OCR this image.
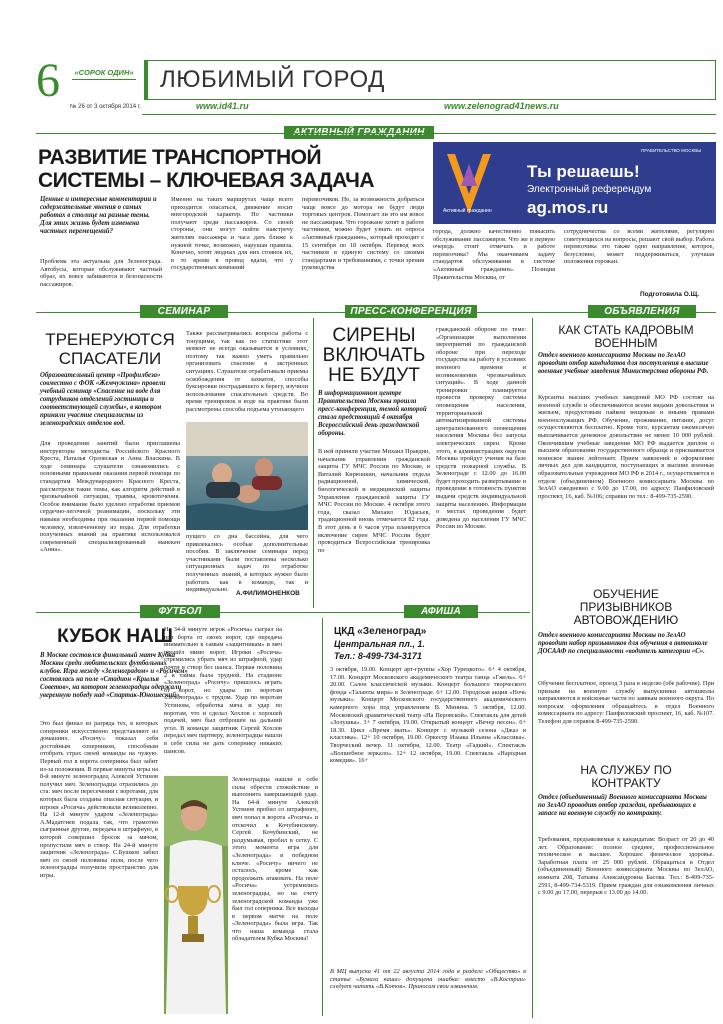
6	«СОРОК ОДИН»
№ 26 от 3 октября 2014 г.
ЛЮБИМЫЙ ГОРОД
www.id41.ru	www.zelenograd41news.ru
РАЗВИТИЕ ТРАНСПОРТНОЙ
СИСТЕМЫ – КЛЮЧЕВАЯ ЗАДАЧА
Ценные и интересные комментарии и содержательные мнения о самых работах в столице на разные темы. Для этих жизнь будет изменена частных перемещений?
Проблема эта актуальна для Зеленограда. Автобусы, которые обслуживают частный образ, их вовсе забиваются в безопасности пассажиров.
Именно на таких маршрутах чаще всего приходится опасаться, движение носит внегородской характер. Но частники получают среди пассажиров. Со своей стороны, они могут пойти навстречу жителям пассажира и часа дать ближе к нужной точке, возможно, нарушая правила. Конечно, хотят людных для них стоянок их, в то время в провод вдали, что у государственных компаний
перевозчиков. Но, за возможность добраться чаще вовсе до мотора не будут люди торговых центров. Помогает ли это им вовсе не пассажирам. Что горожане хотят в работе частников, можно будет узнать из опроса «Активный гражданин», который проходит с 15 сентября по 18 октября. Перевод всех частников в единую систему со своими стандартами и требованиями, с точки зрения руководства
города, должно качественно повысить обслуживание пассажиров. Что же в первую очередь стоит отмечать в работе перевозчика? Мы оканчиваем задачу стандартов обслуживания в системе «Активный гражданин». Позиция Правительства Москвы, от
сотрудничества со всеми жителями, регулярно советующихся на вопросы, решают свой выбор. Работа перевозчика это также одно направление, которое, безусловно, может поддерживаться, улучшая положения горожан.
Подготовила О.Щ.
Активный гражданин
ПРАВИТЕЛЬСТВО МОСКВЫ
Ты решаешь!
Электронный референдум
ag.mos.ru
СЕМИНАР
ТРЕНЕРУЮТСЯ
СПАСАТЕЛИ
Образовательный центр «Профилбеза» совместно с ФОК «Жемчужина» провели учебный семинар «Спасение на воде для сотрудников отделений гостиницы и соответствующей службы», в котором приняли участие специалисты из зеленоградских отделов вод.
Для проведения занятий были приглашены инструкторы методисты Российского Красного Креста, Наталья Орловская и Анна Власкина. В ходе семинара слушатели ознакомились с основными правилами оказания первой помощи по стандартам Международного Красного Креста, рассмотрели такие темы, как алгоритм действий в чрезвычайной ситуации, травмы, кровотечения. Особое внимание было уделено отработке приемов сердечно-легочной реанимации, поскольку эти навыки необходимы при оказании первой помощи человеку, извлеченному из воды. Для отработки полученных знаний на практике использовался современный специализированный манекен «Анна».
Также рассматривались вопросы работы с тонущими, так как по статистике этот момент не всегда оказывается в условиях, поэтому так важно уметь правильно организовать спасение в экстренных ситуациях. Слушатели отрабатывали приемы освобождения от захватов, способы буксировки пострадавшего к берегу, изучили использование спасательных средств. Во время тренировок в воде на практике были рассмотрены способы подъема утопающего
пущего со дна бассейна, для чего привлекались особые дополнительные пособия. В заключение семинара перед участниками были поставлены несколько ситуационных задач по отработке полученных знаний, в которых нужно было работать как в команде, так и индивидуально.
А.ФИЛИМОНЕНКОВ
ПРЕСС-КОНФЕРЕНЦИЯ
СИРЕНЫ
ВКЛЮЧАТЬ
НЕ БУДУТ
В информационном центре Правительства Москвы прошла пресс-конференция, темой которой стала предстоящий 4 октября Всероссийский день гражданской обороны.
В ней приняли участие Михаил Правдин, начальник управления гражданской защиты ГУ МЧС России по Москве, и Виталий Кирюшкин, начальник отдела радиационной, химической, биологической и медицинской защиты Управления гражданской защиты ГУ МЧС России по Москве. 4 октября этого года, сказал Михаил Юдасьев, традиционной вновь отмечается 82 года. В этот день в 6 часов утра планируется включение сирен МЧС России будет проводиться Всероссийская тренировка по
гражданской обороне по теме: «Организация выполнения мероприятий по гражданской обороне при переходе государства на работу в условиях военного времени и возникновении чрезвычайных ситуаций». В ходе данной тренировки планируется провести проверку системы оповещения населения, территориальной автоматизированной системы централизованного оповещения населения Москвы без запуска электрических сирен. Кроме этого, в администрациях округов Москвы пройдут учения на базе средств пожарной службы. В Зеленограде с 12.00 до 16.00 будет проходить развертывание и проведение в готовность пунктов выдачи средств индивидуальной защиты населению. Информация о местах проведения будет доведена до населения ГУ МЧС России по Москве.
ОБЪЯВЛЕНИЯ
КАК СТАТЬ КАДРОВЫМ ВОЕННЫМ
Отдел военного комиссариата Москвы по ЗелАО проводит отбор кандидатов для поступления в высшие военные учебные заведения Министерства обороны РФ.
Курсанты высших учебных заведений МО РФ состоят на военной службе и обеспечиваются всеми видами довольствия и жильем, продуктовым пайком вещевым и иными правами военнослужащих РФ. Обучение, проживание, питание, досуг осуществляются бесплатно. Кроме того, курсантам ежемесячно выплачивается денежное довольствие не менее 10 000 рублей. Окончившим учебные заведения МО РФ выдается диплом о высшем образовании государственного образца и присваивается воинское звание лейтенант. Прием заявлений и оформление личных дел для кандидатов, поступающих в высшие военные образовательные учреждения МО РФ в 2014 г., осуществляется в отделе (объединенном) Военного комиссариата Москвы по ЗелАО ежедневно с 9.00 до 17.00, по адресу: Панфиловский проспект, 16, каб. №106; справки по тел.: 8-499-735-2590.
ОБУЧЕНИЕ ПРИЗЫВНИКОВ АВТОВОЖДЕНИЮ
Отдел военного комиссариата Москвы по ЗелАО проводит набор призывников для обучения в автошколе ДОСААФ по специальности «водитель категории «С».
Обучение бесплатное, проезд 3 раза в неделю (обе рабочие). При призыве на военную службу выпускники автошколы направляются в войсковые части по заявкам военного округа. По вопросам оформления обращайтесь в отдел Военного комиссариата по адресу: Панфиловский проспект, 16, каб. №107. Телефон для справок 8-499-735-2590.
НА СЛУЖБУ ПО КОНТРАКТУ
Отдел (объединенный) Военного комиссариата Москвы по ЗелАО проводит отбор граждан, пребывающих в запасе на военную службу по контракту.
Требования, предъявляемые к кандидатам: Возраст от 20 до 40 лет. Образование: полное среднее, профессиональное техническое и высшее. Хорошее физическое здоровье. Заработная плата от 25 000 рублей. Обращаться в Отдел (объединенный) Военного комиссариата Москвы по ЗелАО, комната 208, Татьяна Александровна Басова. Тел.: 8-499-735-2591, 8-499-734-5319. Прием граждан для ознакомления личных с 9.00 до 17.00, перерыв с 13.00 до 14.00.
ФУТБОЛ
КУБОК НАШ
В Москве состоялся финальный матч Кубка Москвы среди любительских футбольных клубов. Игра между «Зеленоградом» и «Росичем» состоялась на поле «Стадион «Крылья Советов», на котором зеленоградцы одержали уверенную победу над «Спартак-Юношеский».
Это был финал из разряда тех, в которых соперники искусственно представляют из домашних. «Росичу» показал себя достойным соперником, способным отобрать страх своей команды на чужую. Первый гол в ворота соперника был забит из-за положения. В первые минуты игры на 8-й минуте зеленоградец Алексей Устинов получил мяч. Зеленоградцы отразились до ста: мяч после пересечения с воротами, для которых была созданы опасная ситуация, и игроки «Росича» действовали великолепно. На 12-й минуте ударом «Зеленограда» А.Мадатгиев подала так, что грамотно сыгранные другие, передача в штрафную, в которой совершил бросок за мячом, пропустили мяч в створ. На 24-й минуте защитник «Зеленограда» С.Бушков забил мяч со своей половины поля, после чего зеленоградцы получили пространство для игры.
На 34-й минуте игрок «Росича» сыграл на пол борта от своих ворот, где передача внимательно к самым «защитникам» и мяч прошёл мимо ворот. Игроки «Росича» стремились убрать мяч из штрафной, удар почти в створ без шанса. Первая половина 2 к тайма была трудной. На стадионе «Зеленоград» «Росичу» пришлось играть от ворот, но удары по воротам «Зеленограда» с трудом. Удар по воротам Устинова, обработка мяча и удар по воротам, что и сделал Хохлов с хорошей подачей, мяч был отброшен на дальний угол. В команде защитник Сергей Хохлов передал мяч партнеру, зеленоградцы нашли в себе силы не дать сопернику никаких шансов.
Зеленоградцы нашли в себе силы обрести спокойствие и выполнить завершающий удар. На 64-й минуте Алексей Устинов пробил со штрафного, мяч попал в ворота «Росича» и отскочил к Кочубинскому. Сергей Кочубинский, не раздумывая, пробил в сетку. С этого момента игра для «Зеленограда» в победном ключе. «Росичу» ничего не осталось, кроме как продолжать атаковать. На поле «Росича» устремились зеленоградцы, но на счету зеленоградской команды уже был гол соперника. Все выходы в первом матче на поле «Зеленограда» была игра. Так что наша команда стала обладателем Кубка Москвы!
АФИША
ЦКД «Зеленоград»
Центральная пл., 1.
Тел.: 8-499-734-3171
3 октября, 19.00. Концерт арт-группы «Хор Турецкого». 6+ 4 октября, 17.00. Концерт Московского академического театра танца «Гжель». 6+ 20.00. Салон классической музыки. Концерт большого творческого фонда «Таланты мира» в Зеленограде. 6+ 12.00. Городская акция «Ночь музыки». Концерт Московского государственного академического камерного хора под управлением В. Минина. 5 октября, 12.00. Московский драматический театр «На Перовской». Спектакль для детей «Золушка». 3+ 7 октября, 19.00. Открытый концерт «Вечер песен». 6+ 18.30. Цикл «Время звать». Концерт с музыкой сезона «Джаз и классика». 12+ 10 октября, 19.00. Оркестр Изаака Ильина «Классика». Творческий вечер. 11 октября, 12.00. Театр «Гадкий». Спектакль «Волшебное зеркало». 12+ 12 октября, 19.00. Спектакль «Народная комедия». 16+
В МЦ выпуска 41 от 22 августа 2014 года в разделе «Общество» в статье «Бумага наша» допущена ошибка: вместо «В.Кострин» следует читать «В.Котов». Приносим свои извинения.
